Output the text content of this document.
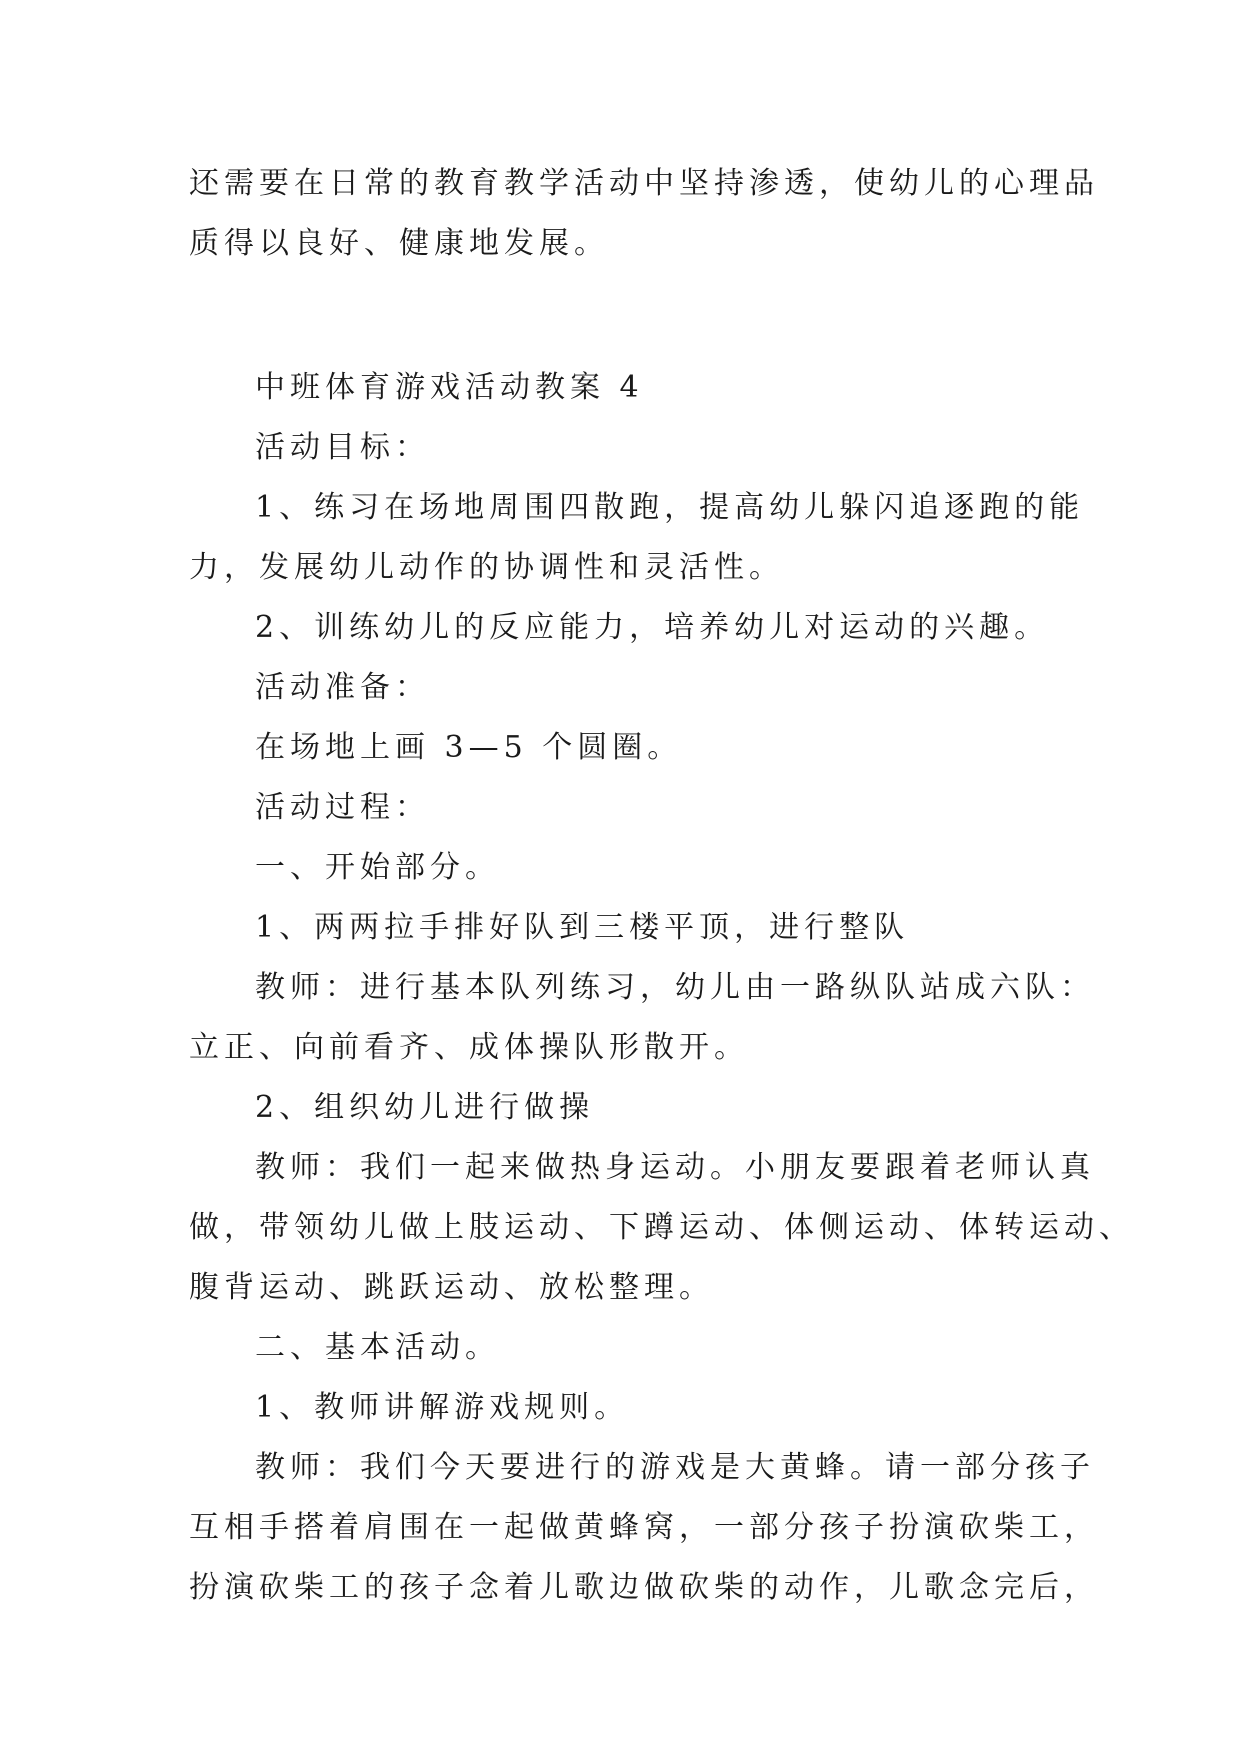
还需要在日常的教育教学活动中坚持渗透，使幼儿的心理品

质得以良好、健康地发展。

中班体育游戏活动教案 4

活动目标：

1、练习在场地周围四散跑，提高幼儿躲闪追逐跑的能

力，发展幼儿动作的协调性和灵活性。

2、训练幼儿的反应能力，培养幼儿对运动的兴趣。

活动准备：

在场地上画 3—5 个圆圈。

活动过程：

一、开始部分。

1、两两拉手排好队到三楼平顶，进行整队

教师：进行基本队列练习，幼儿由一路纵队站成六队：

立正、向前看齐、成体操队形散开。

2、组织幼儿进行做操

教师：我们一起来做热身运动。小朋友要跟着老师认真

做，带领幼儿做上肢运动、下蹲运动、体侧运动、体转运动、

腹背运动、跳跃运动、放松整理。

二、基本活动。

1、教师讲解游戏规则。

教师：我们今天要进行的游戏是大黄蜂。请一部分孩子

互相手搭着肩围在一起做黄蜂窝，一部分孩子扮演砍柴工，

扮演砍柴工的孩子念着儿歌边做砍柴的动作，儿歌念完后，
